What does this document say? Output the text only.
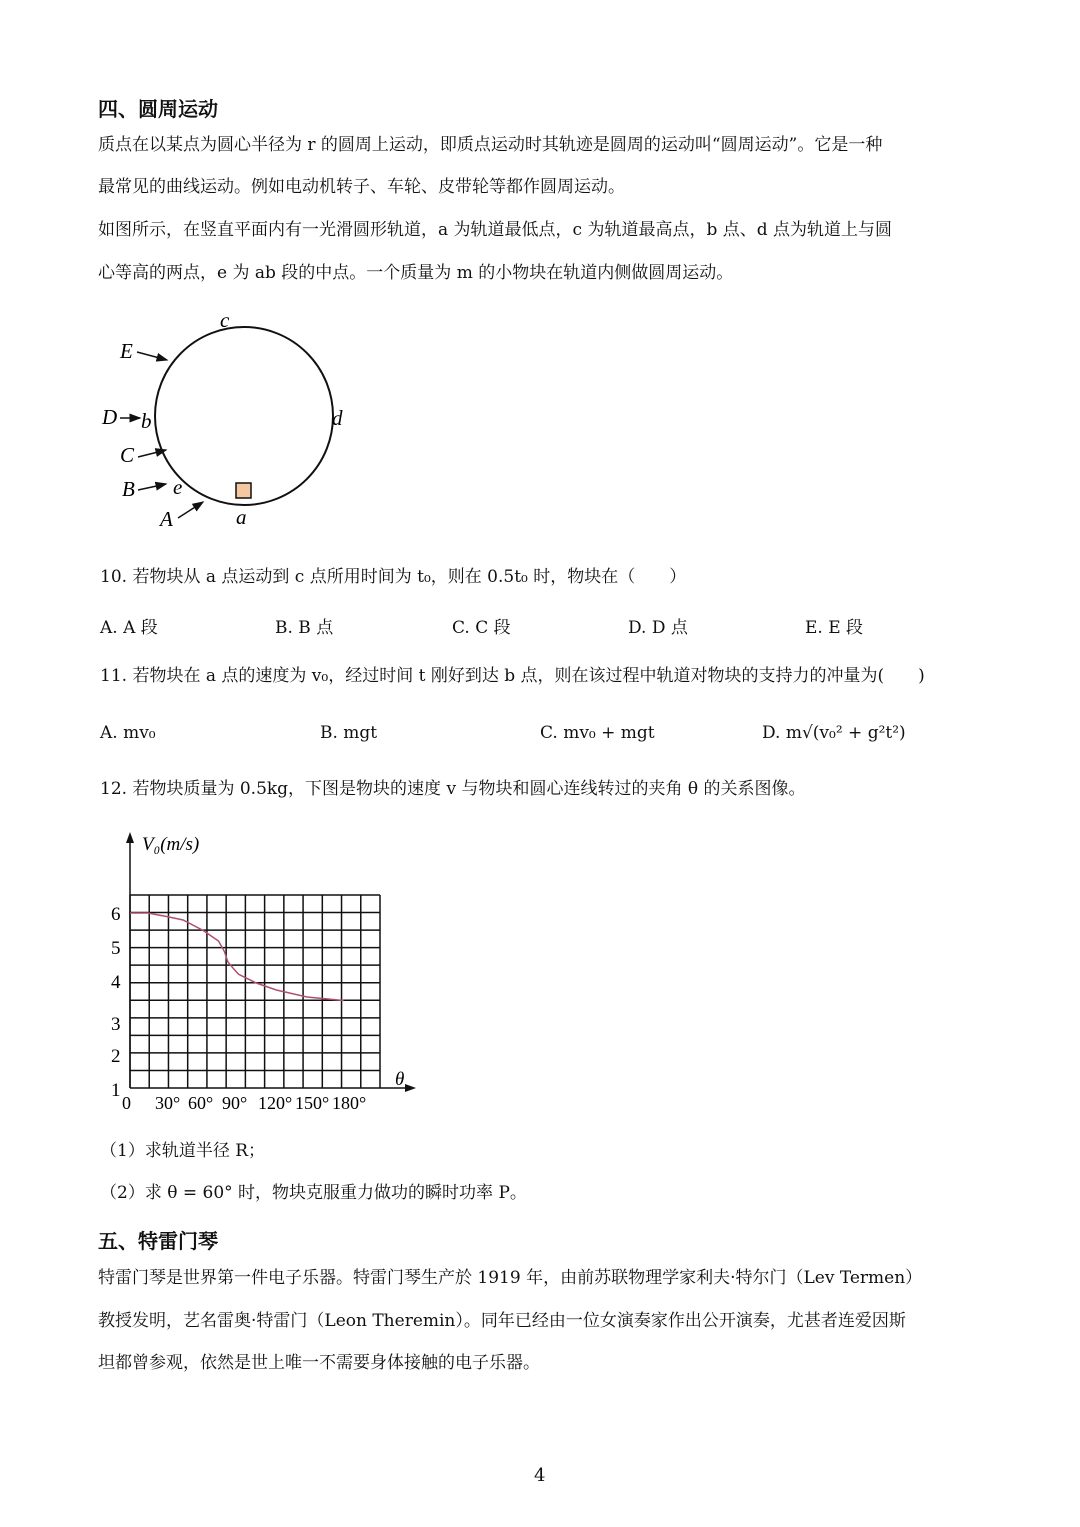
四、圆周运动
质点在以某点为圆心半径为 r 的圆周上运动，即质点运动时其轨迹是圆周的运动叫“圆周运动”。它是一种
最常见的曲线运动。例如电动机转子、车轮、皮带轮等都作圆周运动。
如图所示，在竖直平面内有一光滑圆形轨道，a 为轨道最低点，c 为轨道最高点，b 点、d 点为轨道上与圆
心等高的两点，e 为 ab 段的中点。一个质量为 m 的小物块在轨道内侧做圆周运动。
c
d
a
b
e
E
D
C
B
A
10. 若物块从 a 点运动到 c 点所用时间为 t₀，则在 0.5t₀ 时，物块在（　　）
A. A 段	B. B 点	C. C 段	D. D 点	E. E 段
11. 若物块在 a 点的速度为 v₀，经过时间 t 刚好到达 b 点，则在该过程中轨道对物块的支持力的冲量为(　　)
A. mv₀	B. mgt	C. mv₀ + mgt	D. m√(v₀² + g²t²)
12. 若物块质量为 0.5kg，下图是物块的速度 v 与物块和圆心连线转过的夹角 θ 的关系图像。
V₀(m/s)
θ
6
5
4
3
2
1
0 30° 60° 90° 120° 150° 180°
（1）求轨道半径 R；
（2）求 θ = 60° 时，物块克服重力做功的瞬时功率 P。
五、特雷门琴
特雷门琴是世界第一件电子乐器。特雷门琴生产於 1919 年，由前苏联物理学家利夫·特尔门（Lev Termen）
教授发明，艺名雷奥·特雷门（Leon Theremin）。同年已经由一位女演奏家作出公开演奏，尤甚者连爱因斯
坦都曾参观，依然是世上唯一不需要身体接触的电子乐器。
4
